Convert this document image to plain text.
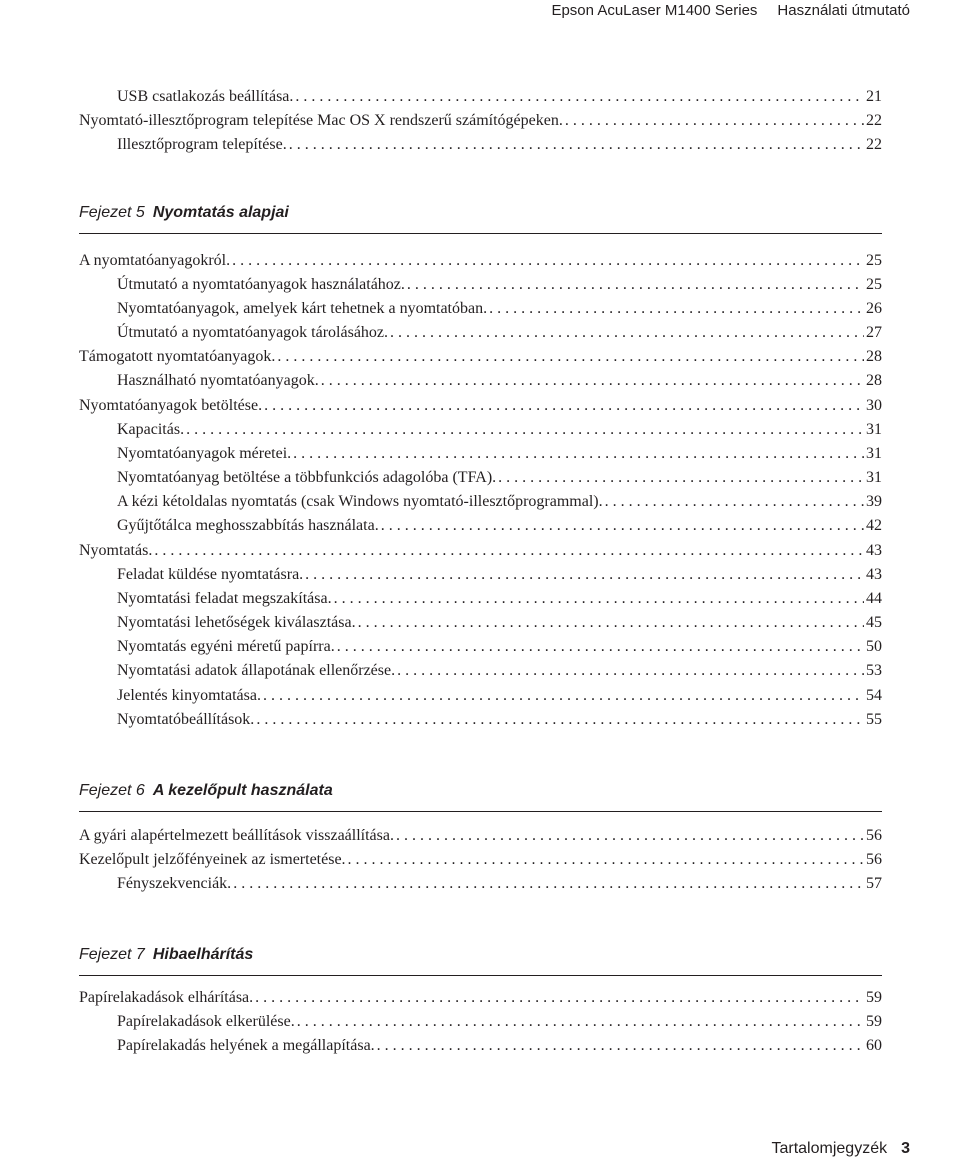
Epson AcuLaser M1400 Series Használati útmutató
USB csatlakozás beállítása. . . .	21
Nyomtató-illesztőprogram telepítése Mac OS X rendszerű számítógépeken. . . .	22
Illesztőprogram telepítése. . . .	22
Fejezet 5 Nyomtatás alapjai
A nyomtatóanyagokról. . . .	25
Útmutató a nyomtatóanyagok használatához. . . .	25
Nyomtatóanyagok, amelyek kárt tehetnek a nyomtatóban. . . .	26
Útmutató a nyomtatóanyagok tárolásához. . . .	27
Támogatott nyomtatóanyagok. . . .	28
Használható nyomtatóanyagok. . . .	28
Nyomtatóanyagok betöltése. . . .	30
Kapacitás. . . .	31
Nyomtatóanyagok méretei. . . .	31
Nyomtatóanyag betöltése a többfunkciós adagolóba (TFA). . . .	31
A kézi kétoldalas nyomtatás (csak Windows nyomtató-illesztőprogrammal). . . .	39
Gyűjtőtálca meghosszabbítás használata. . . .	42
Nyomtatás. . . .	43
Feladat küldése nyomtatásra. . . .	43
Nyomtatási feladat megszakítása. . . .	44
Nyomtatási lehetőségek kiválasztása. . . .	45
Nyomtatás egyéni méretű papírra. . . .	50
Nyomtatási adatok állapotának ellenőrzése. . . .	53
Jelentés kinyomtatása. . . .	54
Nyomtatóbeállítások. . . .	55
Fejezet 6 A kezelőpult használata
A gyári alapértelmezett beállítások visszaállítása. . . .	56
Kezelőpult jelzőfényeinek az ismertetése. . . .	56
Fényszekvenciák. . . .	57
Fejezet 7 Hibaelhárítás
Papírelakadások elhárítása. . . .	59
Papírelakadások elkerülése. . . .	59
Papírelakadás helyének a megállapítása. . . .	60
Tartalomjegyzék 3
